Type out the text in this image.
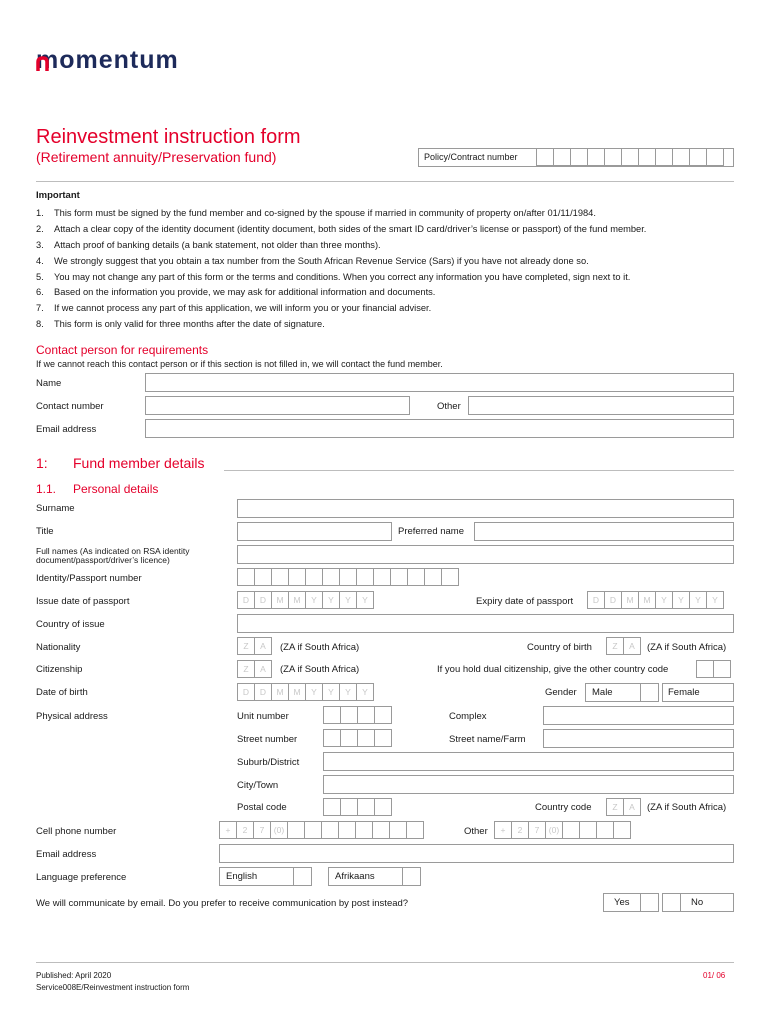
momentum
Reinvestment instruction form
(Retirement annuity/Preservation fund)	Policy/Contract number
Important
1. This form must be signed by the fund member and co-signed by the spouse if married in community of property on/after 01/11/1984.
2. Attach a clear copy of the identity document (identity document, both sides of the smart ID card/driver’s license or passport) of the fund member.
3. Attach proof of banking details (a bank statement, not older than three months).
4. We strongly suggest that you obtain a tax number from the South African Revenue Service (Sars) if you have not already done so.
5. You may not change any part of this form or the terms and conditions. When you correct any information you have completed, sign next to it.
6. Based on the information you provide, we may ask for additional information and documents.
7. If we cannot process any part of this application, we will inform you or your financial adviser.
8. This form is only valid for three months after the date of signature.
Contact person for requirements
If we cannot reach this contact person or if this section is not filled in, we will contact the fund member.
Name
Contact number	Other
Email address
1: Fund member details
1.1. Personal details
Surname
Title	Preferred name
Full names (As indicated on RSA identity
document/passport/driver’s licence)
Identity/Passport number
Issue date of passport	D	D	M	M	Y	Y	Y	Y	Expiry date of passport	D	D	M	M	Y	Y	Y	Y
Country of issue
Nationality	Z	A	(ZA if South Africa)	Country of birth	Z	A	(ZA if South Africa)
Citizenship	Z	A	(ZA if South Africa)	If you hold dual citizenship, give the other country code
Date of birth	D	D	M	M	Y	Y	Y	Y	Gender	Male	Female
Physical address	Unit number	Complex
Street number	Street name/Farm
Suburb/District
City/Town
Postal code	Country code	Z	A	(ZA if South Africa)
Cell phone number	+	2	7	(0)	Other	+	2	7	(0)
Email address
Language preference	English	Afrikaans
We will communicate by email. Do you prefer to receive communication by post instead?	Yes	No
Published: April 2020
Service008E/Reinvestment instruction form
01/ 06
